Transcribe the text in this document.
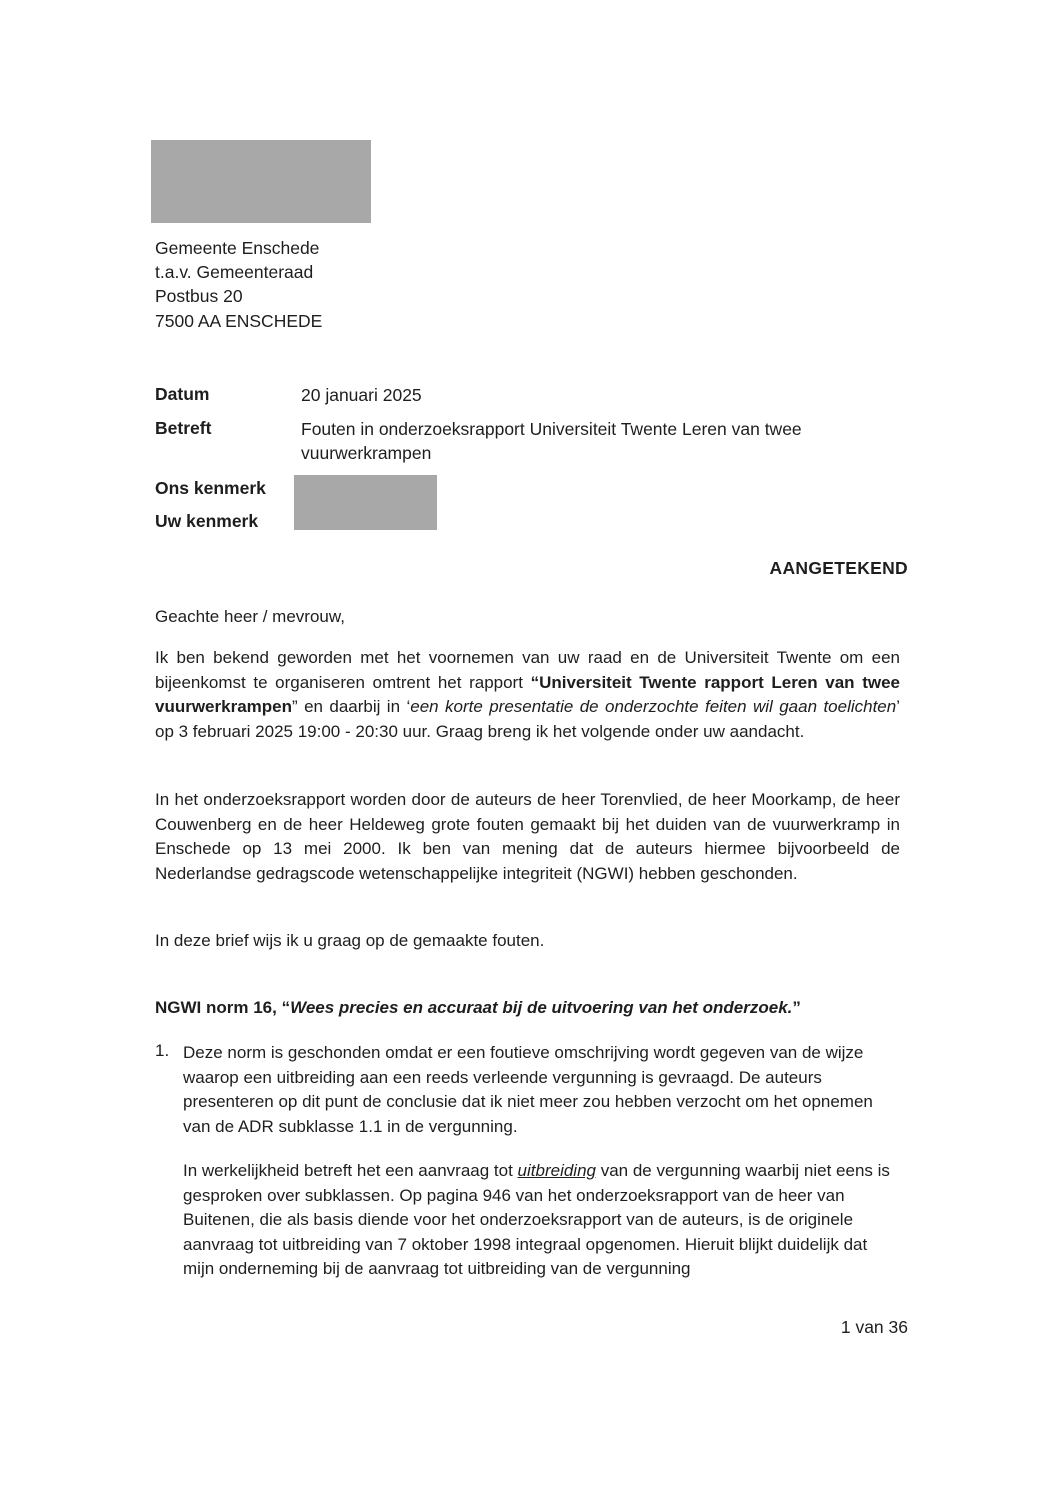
Gemeente Enschede
t.a.v. Gemeenteraad
Postbus 20
7500 AA ENSCHEDE
Datum	20 januari 2025
Betreft	Fouten in onderzoeksrapport Universiteit Twente Leren van twee vuurwerkrampen
Ons kenmerk
Uw kenmerk
AANGETEKEND
Geachte heer / mevrouw,
Ik ben bekend geworden met het voornemen van uw raad en de Universiteit Twente om een bijeenkomst te organiseren omtrent het rapport “Universiteit Twente rapport Leren van twee vuurwerkrampen” en daarbij in ‘een korte presentatie de onderzochte feiten wil gaan toelichten’ op 3 februari 2025 19:00 - 20:30 uur. Graag breng ik het volgende onder uw aandacht.
In het onderzoeksrapport worden door de auteurs de heer Torenvlied, de heer Moorkamp, de heer Couwenberg en de heer Heldeweg grote fouten gemaakt bij het duiden van de vuurwerkramp in Enschede op 13 mei 2000. Ik ben van mening dat de auteurs hiermee bijvoorbeeld de Nederlandse gedragscode wetenschappelijke integriteit (NGWI) hebben geschonden.
In deze brief wijs ik u graag op de gemaakte fouten.
NGWI norm 16, “Wees precies en accuraat bij de uitvoering van het onderzoek.”
1. Deze norm is geschonden omdat er een foutieve omschrijving wordt gegeven van de wijze waarop een uitbreiding aan een reeds verleende vergunning is gevraagd. De auteurs presenteren op dit punt de conclusie dat ik niet meer zou hebben verzocht om het opnemen van de ADR subklasse 1.1 in de vergunning.
In werkelijkheid betreft het een aanvraag tot uitbreiding van de vergunning waarbij niet eens is gesproken over subklassen. Op pagina 946 van het onderzoeksrapport van de heer van Buitenen, die als basis diende voor het onderzoeksrapport van de auteurs, is de originele aanvraag tot uitbreiding van 7 oktober 1998 integraal opgenomen. Hieruit blijkt duidelijk dat mijn onderneming bij de aanvraag tot uitbreiding van de vergunning
1 van 36
